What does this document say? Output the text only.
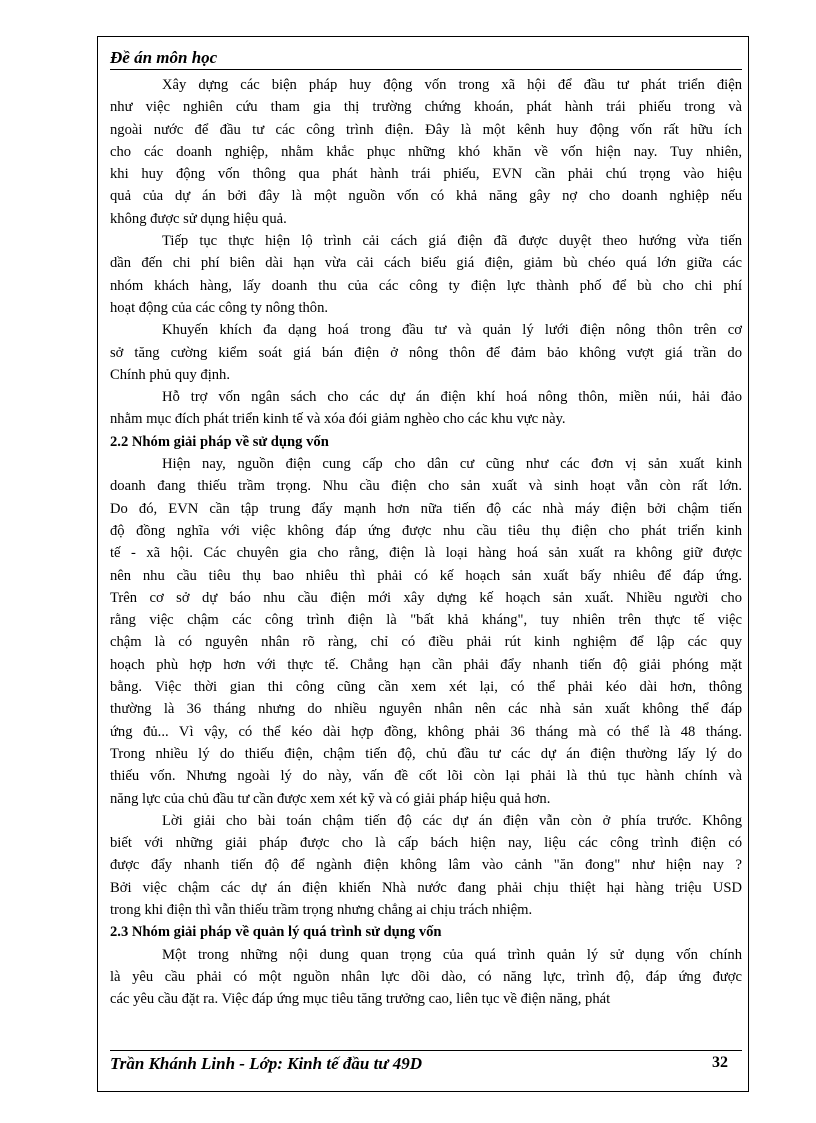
Đề án môn học
Xây dựng các biện pháp huy động vốn trong xã hội để đầu tư phát triển điện
như việc nghiên cứu tham gia thị trường chứng khoán, phát hành trái phiếu trong và
ngoài nước để đầu tư các công trình điện. Đây là một kênh huy động vốn rất hữu ích
cho các doanh nghiệp, nhằm khắc phục những khó khăn về vốn hiện nay. Tuy nhiên,
khi huy động vốn thông qua phát hành trái phiếu, EVN cần phải chú trọng vào hiệu
quả của dự án bởi đây là một nguồn vốn có khả năng gây nợ cho doanh nghiệp nếu
không được sử dụng hiệu quả.
Tiếp tục thực hiện lộ trình cải cách giá điện đã được duyệt theo hướng vừa tiến
dần đến chi phí biên dài hạn vừa cải cách biểu giá điện, giảm bù chéo quá lớn giữa các
nhóm khách hàng, lấy doanh thu của các công ty điện lực thành phố để bù cho chi phí
hoạt động của các công ty nông thôn.
Khuyến khích đa dạng hoá trong đầu tư và quản lý lưới điện nông thôn trên cơ
sở tăng cường kiểm soát giá bán điện ở nông thôn để đảm bảo không vượt giá trần do
Chính phủ quy định.
Hỗ trợ vốn ngân sách cho các dự án điện khí hoá nông thôn, miền núi, hải đảo
nhằm mục đích phát triển kinh tế và xóa đói giảm nghèo cho các khu vực này.
2.2 Nhóm giải pháp về sử dụng vốn
Hiện nay, nguồn điện cung cấp cho dân cư cũng như các đơn vị sản xuất kinh
doanh đang thiếu trầm trọng. Nhu cầu điện cho sản xuất và sinh hoạt vẫn còn rất lớn.
Do đó, EVN cần tập trung đẩy mạnh hơn nữa tiến độ các nhà máy điện bởi chậm tiến
độ đồng nghĩa với việc không đáp ứng được nhu cầu tiêu thụ điện cho phát triển kinh
tế - xã hội. Các chuyên gia cho rằng, điện là loại hàng hoá sản xuất ra không giữ được
nên nhu cầu tiêu thụ bao nhiêu thì phải có kế hoạch sản xuất bấy nhiêu để đáp ứng.
Trên cơ sở dự báo nhu cầu điện mới xây dựng kế hoạch sản xuất. Nhiều người cho
rằng việc chậm các công trình điện là "bất khả kháng", tuy nhiên trên thực tế việc
chậm là có nguyên nhân rõ ràng, chỉ có điều phải rút kinh nghiệm để lập các quy
hoạch phù hợp hơn với thực tế. Chẳng hạn cần phải đẩy nhanh tiến độ giải phóng mặt
bằng. Việc thời gian thi công cũng cần xem xét lại, có thể phải kéo dài hơn, thông
thường là 36 tháng nhưng do nhiều nguyên nhân nên các nhà sản xuất không thể đáp
ứng đủ... Vì vậy, có thể kéo dài hợp đồng, không phải 36 tháng mà có thể là 48 tháng.
Trong nhiều lý do thiếu điện, chậm tiến độ, chủ đầu tư các dự án điện thường lấy lý do
thiếu vốn. Nhưng ngoài lý do này, vấn đề cốt lõi còn lại phải là thủ tục hành chính và
năng lực của chủ đầu tư cần được xem xét kỹ và có giải pháp hiệu quả hơn.
Lời giải cho bài toán chậm tiến độ các dự án điện vẫn còn ở phía trước. Không
biết với những giải pháp được cho là cấp bách hiện nay, liệu các công trình điện có
được đẩy nhanh tiến độ để ngành điện không lâm vào cảnh "ăn đong" như hiện nay ?
Bởi việc chậm các dự án điện khiến Nhà nước đang phải chịu thiệt hại hàng triệu USD
trong khi điện thì vẫn thiếu trầm trọng nhưng chẳng ai chịu trách nhiệm.
2.3 Nhóm giải pháp về quản lý quá trình sử dụng vốn
Một trong những nội dung quan trọng của quá trình quản lý sử dụng vốn chính
là yêu cầu phải có một nguồn nhân lực dồi dào, có năng lực, trình độ, đáp ứng được
các yêu cầu đặt ra. Việc đáp ứng mục tiêu tăng trưởng cao, liên tục về điện năng, phát
Trần Khánh Linh - Lớp: Kinh tế đầu tư 49D	32
